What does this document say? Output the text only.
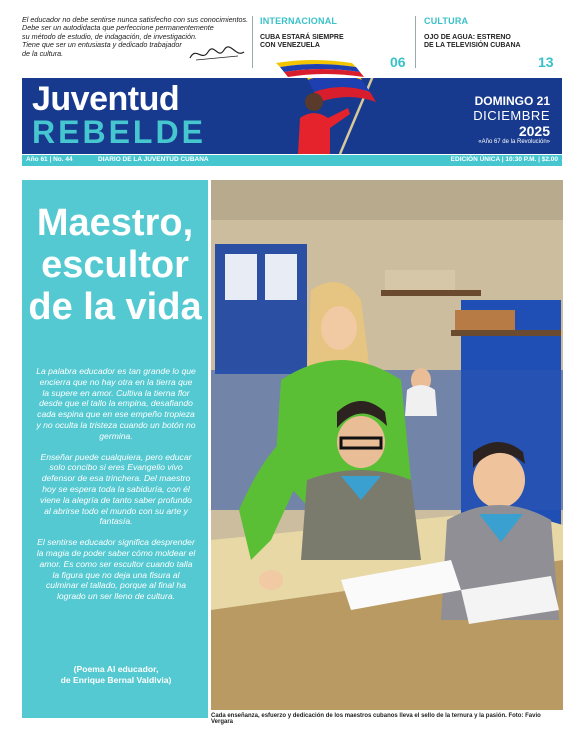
El educador no debe sentirse nunca satisfecho con sus conocimientos.
Debe ser un autodidacta que perfeccione permanentemente
su método de estudio, de indagación, de investigación.
Tiene que ser un entusiasta y dedicado trabajador
de la cultura.
INTERNACIONAL
CUBA ESTARÁ SIEMPRE
CON VENEZUELA
06
CULTURA
OJO DE AGUA: ESTRENO
DE LA TELEVISIÓN CUBANA
13
Juventud
REBELDE
DOMINGO 21
DICIEMBRE
2025
«Año 67 de la Revolución»
Año 61 | No. 44	DIARIO DE LA JUVENTUD CUBANA	EDICIÓN ÚNICA | 10:30 P.M. | $2.00
Maestro,
escultor
de la vida

La palabra educador es tan grande lo que encierra que no hay otra en la tierra que la supere en amor. Cultiva la tierna flor desde que el tallo la empina, desafiando cada espina que en ese empeño tropieza y no oculta la tristeza cuando un botón no germina.

Enseñar puede cualquiera, pero educar solo concibo si eres Evangelio vivo defensor de esa trinchera. Del maestro hoy se espera toda la sabiduría, con él viene la alegría de tanto saber profundo al abrirse todo el mundo con su arte y fantasía.

El sentirse educador significa desprender la magia de poder saber cómo moldear el amor. Es como ser escultor cuando talla la figura que no deja una fisura al culminar el tallado, porque al final ha logrado un ser lleno de cultura.

(Poema Al educador,
de Enrique Bernal Valdivia)
Cada enseñanza, esfuerzo y dedicación de los maestros cubanos lleva el sello de la ternura y la pasión. Foto: Favio Vergara
